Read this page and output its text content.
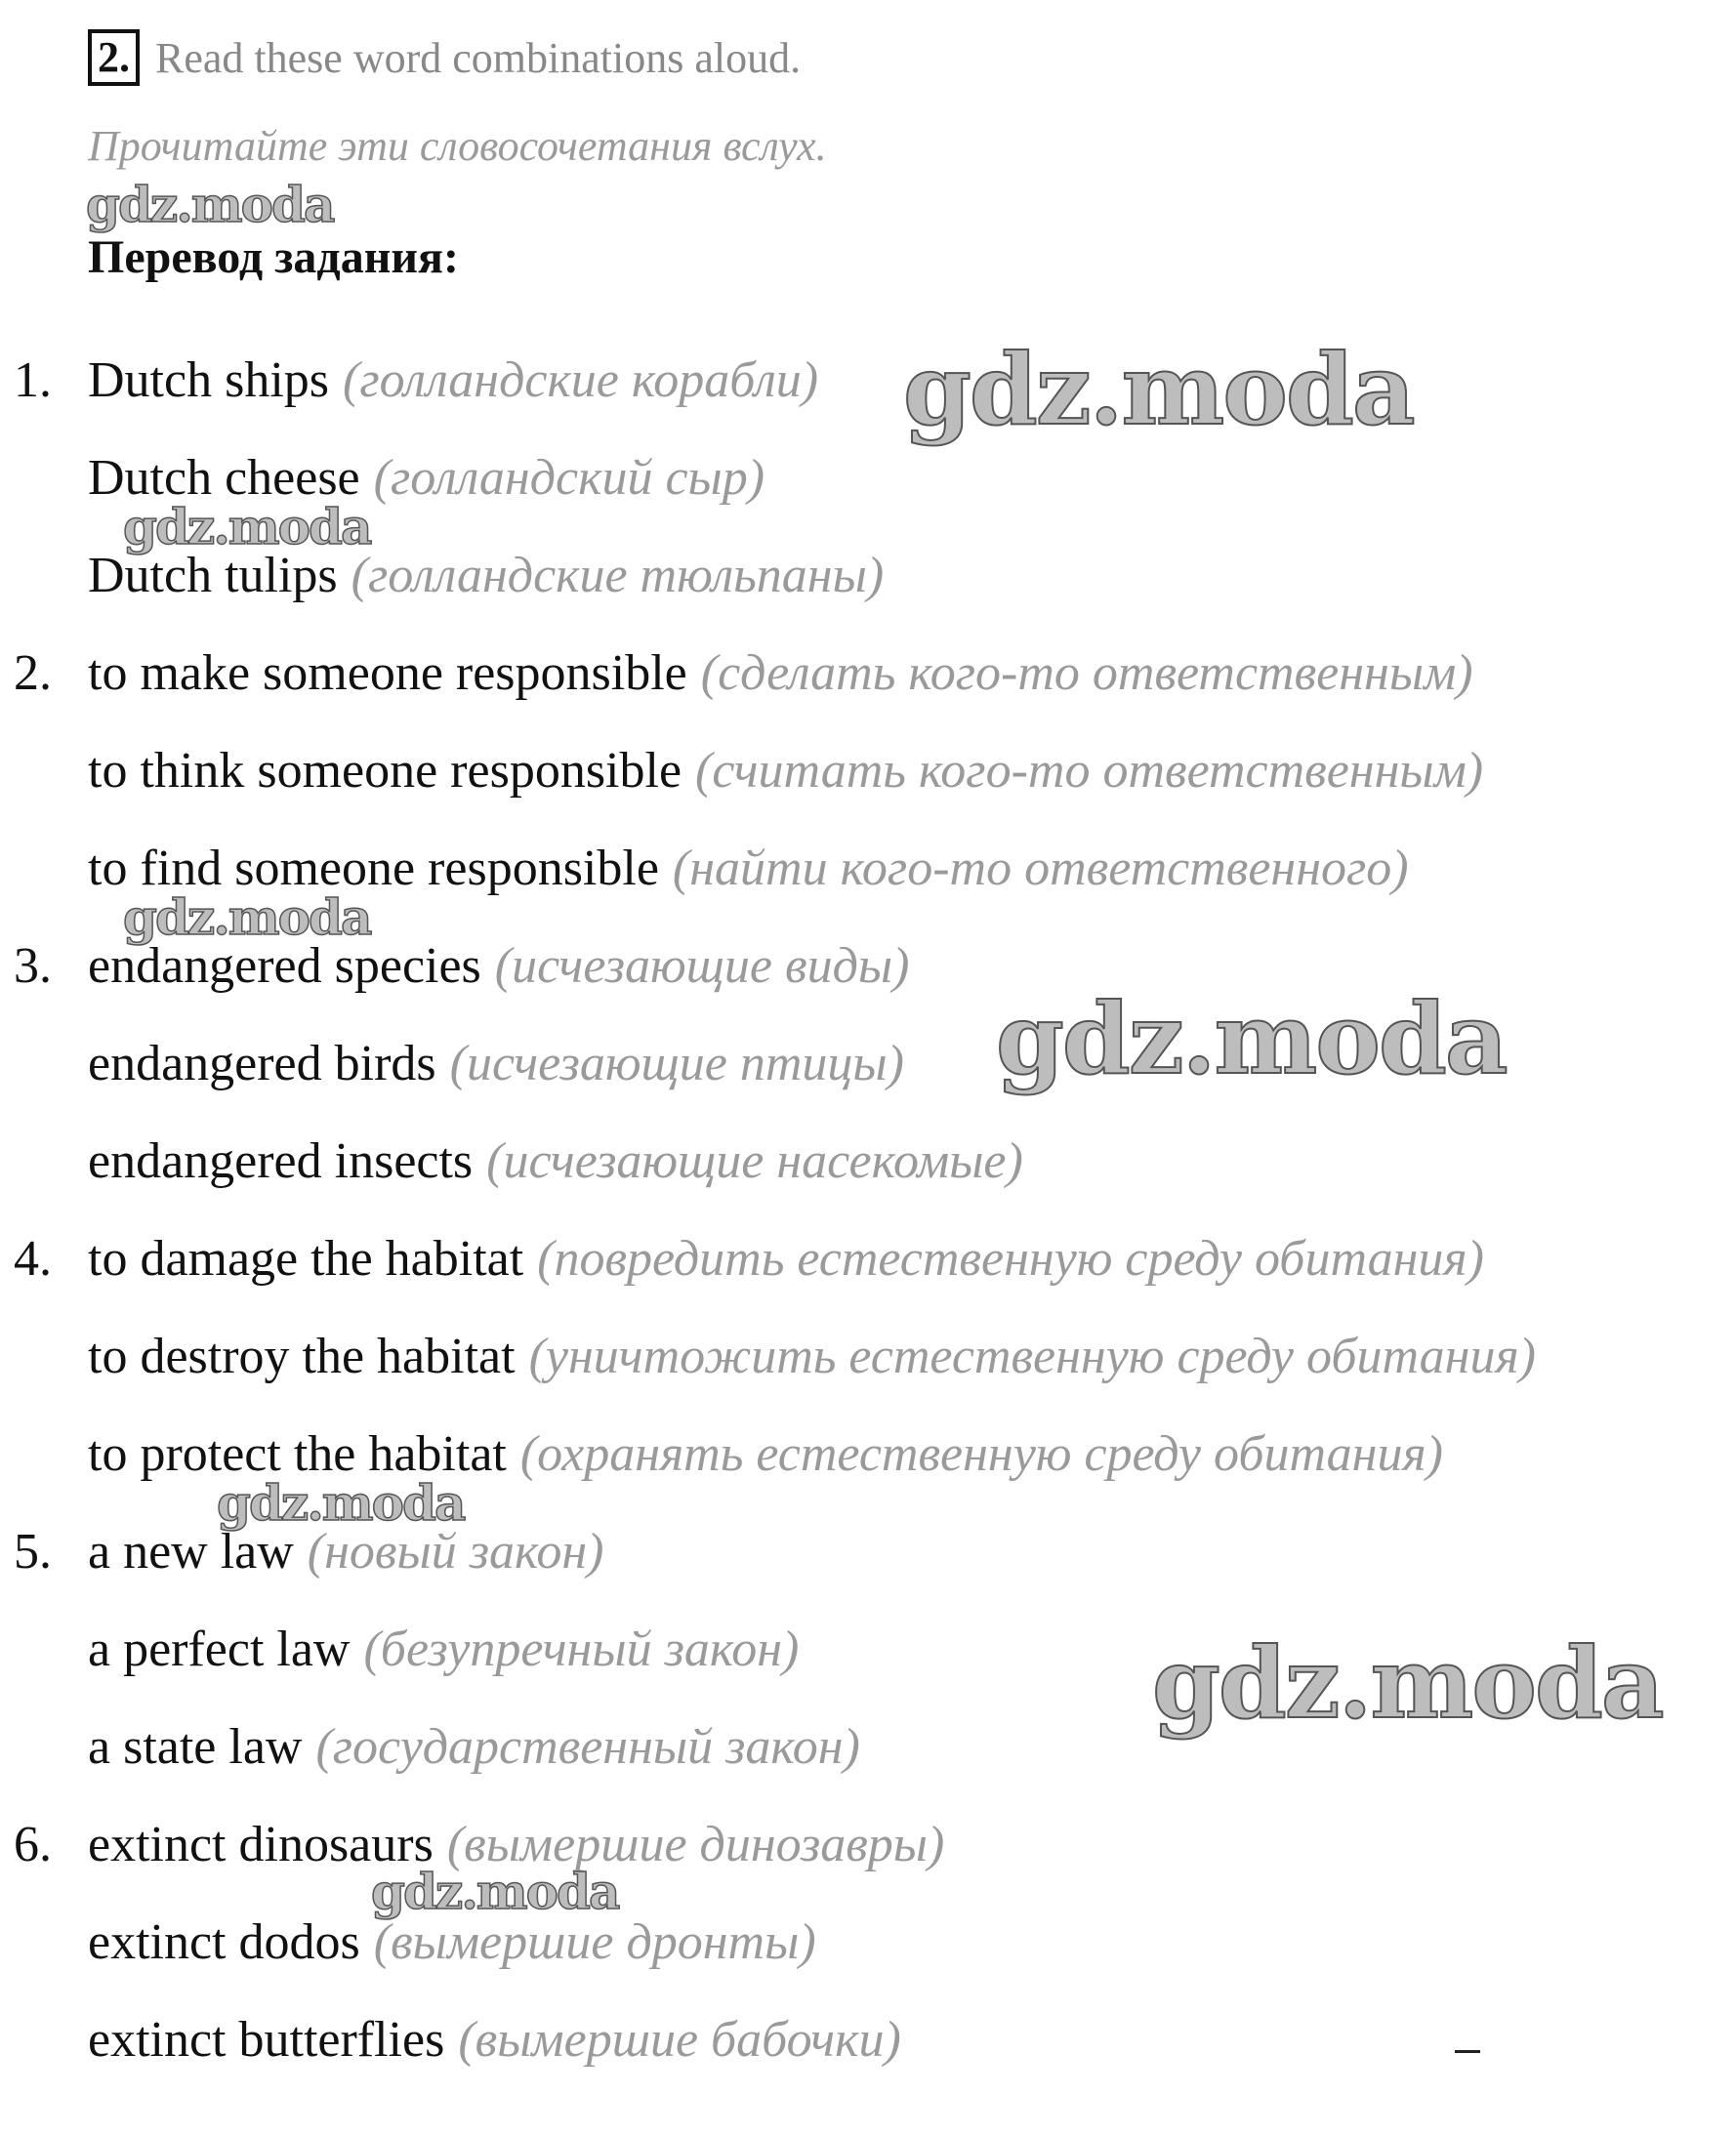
2. Read these word combinations aloud.
Прочитайте эти словосочетания вслух.
Перевод задания:
1. Dutch ships (голландские корабли)
Dutch cheese (голландский сыр)
Dutch tulips (голландские тюльпаны)
2. to make someone responsible (сделать кого-то ответственным)
to think someone responsible (считать кого-то ответственным)
to find someone responsible (найти кого-то ответственного)
3. endangered species (исчезающие виды)
endangered birds (исчезающие птицы)
endangered insects (исчезающие насекомые)
4. to damage the habitat (повредить естественную среду обитания)
to destroy the habitat (уничтожить естественную среду обитания)
to protect the habitat (охранять естественную среду обитания)
5. a new law (новый закон)
a perfect law (безупречный закон)
a state law (государственный закон)
6. extinct dinosaurs (вымершие динозавры)
extinct dodos (вымершие дронты)
extinct butterflies (вымершие бабочки)
gdz.moda
gdz.moda
gdz.moda
gdz.moda
gdz.moda
gdz.moda
gdz.moda
gdz.moda
